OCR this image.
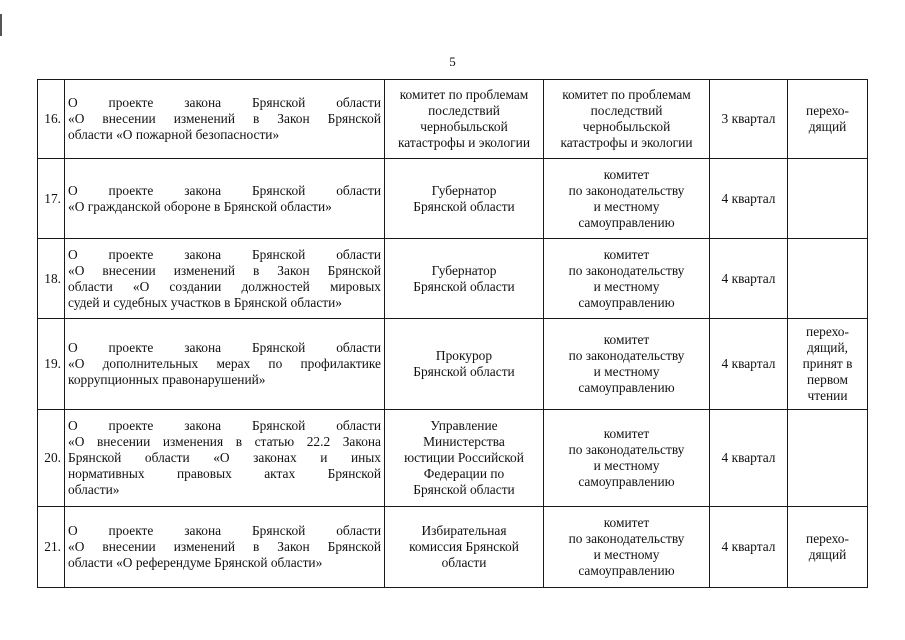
5
16.	О проекте закона Брянской области
«О внесении изменений в Закон Брянской
области «О пожарной безопасности»	комитет по проблемам
последствий
чернобыльской
катастрофы и экологии	комитет по проблемам
последствий
чернобыльской
катастрофы и экологии	3 квартал	перехо-
дящий
17.	О проекте закона Брянской области
«О гражданской обороне в Брянской области»	Губернатор
Брянской области	комитет
по законодательству
и местному
самоуправлению	4 квартал	
18.	О проекте закона Брянской области
«О внесении изменений в Закон Брянской
области «О создании должностей мировых
судей и судебных участков в Брянской области»	Губернатор
Брянской области	комитет
по законодательству
и местному
самоуправлению	4 квартал	
19.	О проекте закона Брянской области
«О дополнительных мерах по профилактике
коррупционных правонарушений»	Прокурор
Брянской области	комитет
по законодательству
и местному
самоуправлению	4 квартал	перехо-
дящий,
принят в
первом
чтении
20.	О проекте закона Брянской области
«О внесении изменения в статью 22.2 Закона
Брянской области «О законах и иных
нормативных правовых актах Брянской
области»	Управление
Министерства
юстиции Российской
Федерации по
Брянской области	комитет
по законодательству
и местному
самоуправлению	4 квартал	
21.	О проекте закона Брянской области
«О внесении изменений в Закон Брянской
области «О референдуме Брянской области»	Избирательная
комиссия Брянской
области	комитет
по законодательству
и местному
самоуправлению	4 квартал	перехо-
дящий
